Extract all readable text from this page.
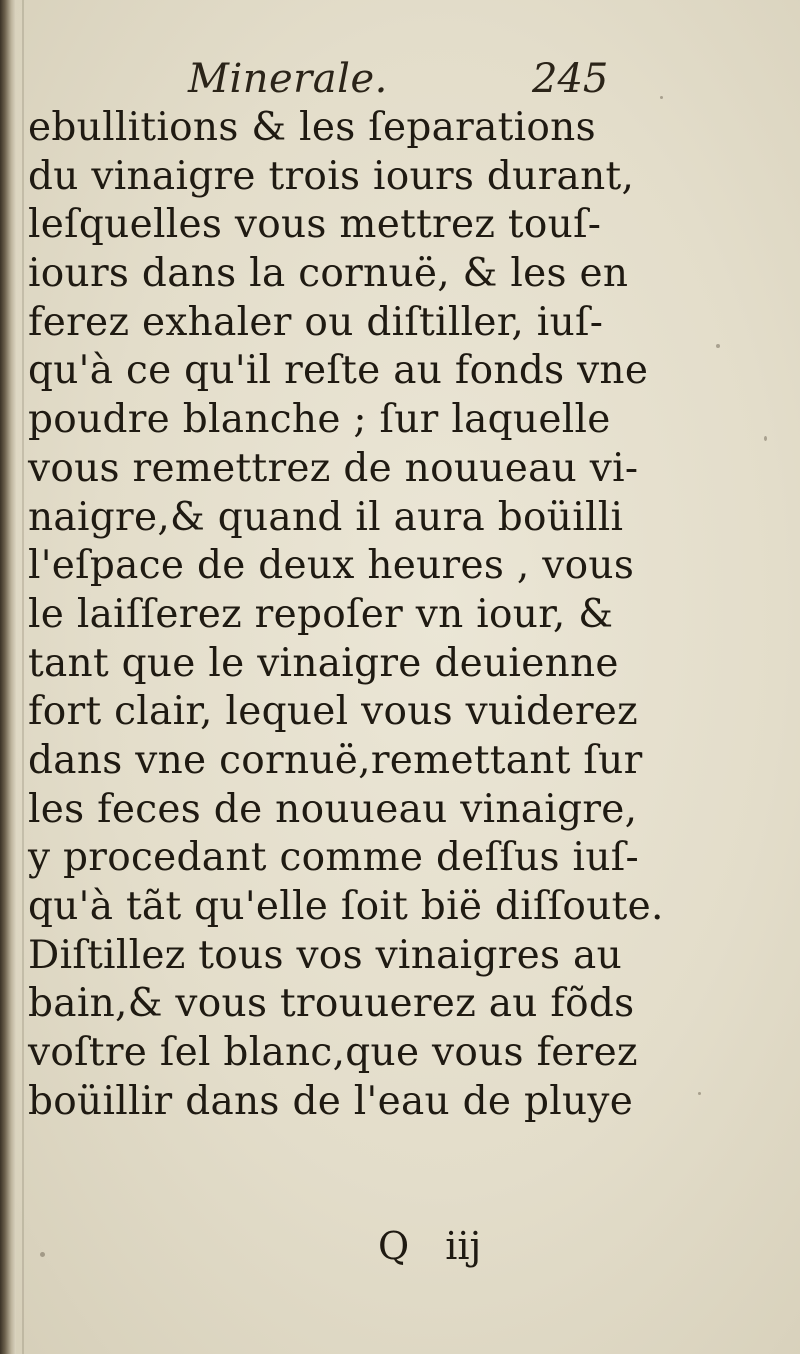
Minerale.	245
ebullitions & les ſeparations
du vinaigre trois iours durant,
leſquelles vous mettrez touſ-
iours dans la cornuë, & les en
ferez exhaler ou diſtiller, iuſ-
qu'à ce qu'il reſte au fonds vne
poudre blanche ; ſur laquelle
vous remettrez de nouueau vi-
naigre,& quand il aura boüilli
l'eſpace de deux heures , vous
le laiſſerez repoſer vn iour, &
tant que le vinaigre deuienne
fort clair, lequel vous vuiderez
dans vne cornuë,remettant ſur
les feces de nouueau vinaigre,
y procedant comme deſſus iuſ-
qu'à tãt qu'elle ſoit bië diſſoute.
Diſtillez tous vos vinaigres au
bain,& vous trouuerez au fõds
voſtre ſel blanc,que vous ferez
boüillir dans de l'eau de pluye
Q iij
